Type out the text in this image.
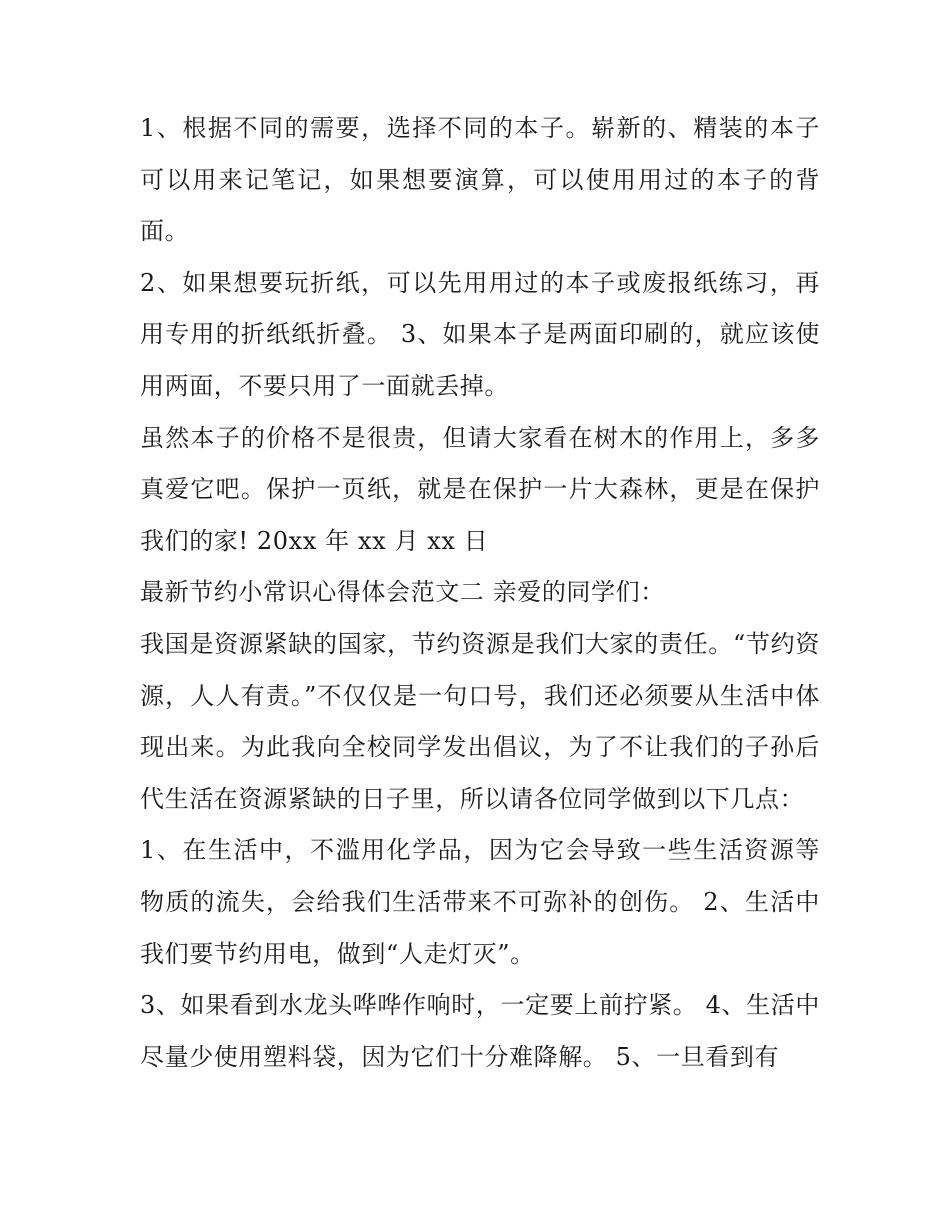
1、根据不同的需要，选择不同的本子。崭新的、精装的本子可以用来记笔记，如果想要演算，可以使用用过的本子的背面。

2、如果想要玩折纸，可以先用用过的本子或废报纸练习，再用专用的折纸纸折叠。 3、如果本子是两面印刷的，就应该使用两面，不要只用了一面就丢掉。

虽然本子的价格不是很贵，但请大家看在树木的作用上，多多真爱它吧。保护一页纸，就是在保护一片大森林，更是在保护我们的家! 20xx 年 xx 月 xx 日

最新节约小常识心得体会范文二 亲爱的同学们：

我国是资源紧缺的国家，节约资源是我们大家的责任。“节约资源，人人有责。”不仅仅是一句口号，我们还必须要从生活中体现出来。为此我向全校同学发出倡议，为了不让我们的子孙后代生活在资源紧缺的日子里，所以请各位同学做到以下几点：

1、在生活中，不滥用化学品，因为它会导致一些生活资源等物质的流失，会给我们生活带来不可弥补的创伤。 2、生活中我们要节约用电，做到“人走灯灭”。

3、如果看到水龙头哗哗作响时，一定要上前拧紧。 4、生活中尽量少使用塑料袋，因为它们十分难降解。 5、一旦看到有
